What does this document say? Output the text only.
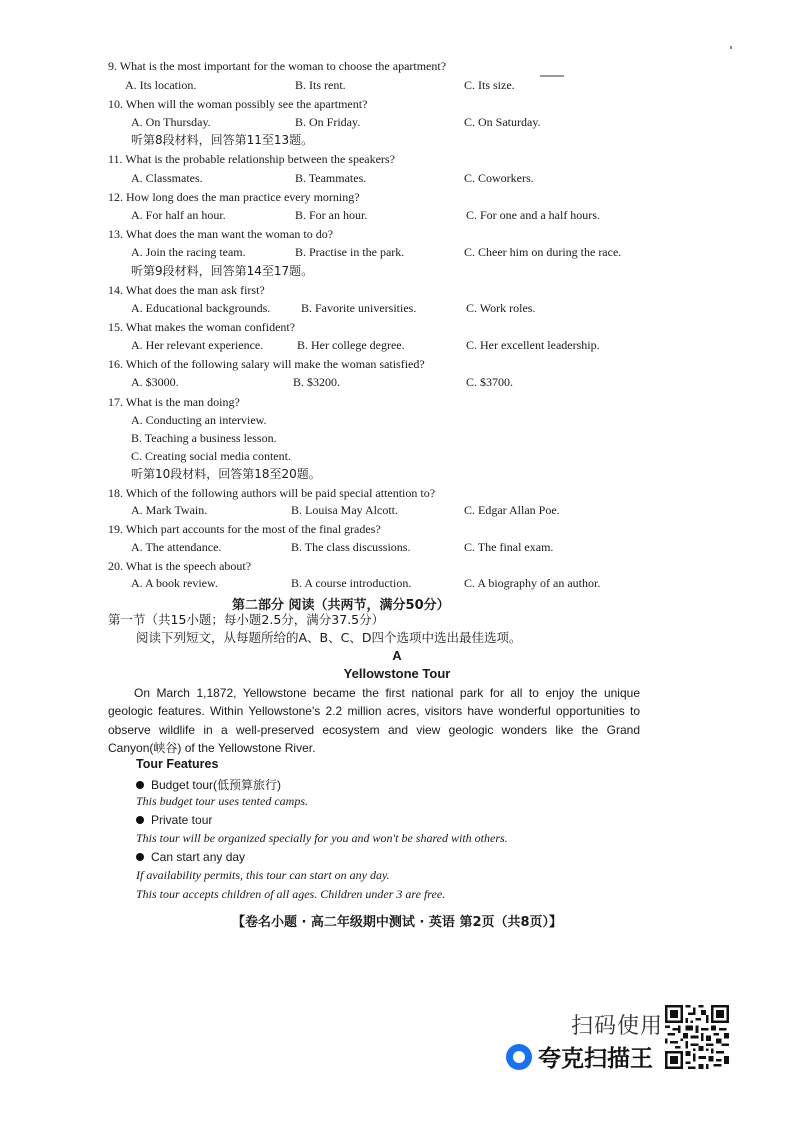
9. What is the most important for the woman to choose the apartment?
A. Its location.	B. Its rent.	C. Its size.
10. When will the woman possibly see the apartment?
A. On Thursday.	B. On Friday.	C. On Saturday.
听第8段材料，回答第11至13题。
11. What is the probable relationship between the speakers?
A. Classmates.	B. Teammates.	C. Coworkers.
12. How long does the man practice every morning?
A. For half an hour.	B. For an hour.	C. For one and a half hours.
13. What does the man want the woman to do?
A. Join the racing team.	B. Practise in the park.	C. Cheer him on during the race.
听第9段材料，回答第14至17题。
14. What does the man ask first?
A. Educational backgrounds.	B. Favorite universities.	C. Work roles.
15. What makes the woman confident?
A. Her relevant experience.	B. Her college degree.	C. Her excellent leadership.
16. Which of the following salary will make the woman satisfied?
A. $3000.	B. $3200.	C. $3700.
17. What is the man doing?
A. Conducting an interview.
B. Teaching a business lesson.
C. Creating social media content.
听第10段材料，回答第18至20题。
18. Which of the following authors will be paid special attention to?
A. Mark Twain.	B. Louisa May Alcott.	C. Edgar Allan Poe.
19. Which part accounts for the most of the final grades?
A. The attendance.	B. The class discussions.	C. The final exam.
20. What is the speech about?
A. A book review.	B. A course introduction.	C. A biography of an author.
第二部分 阅读（共两节，满分50分）
第一节（共15小题；每小题2.5分，满分37.5分）
阅读下列短文，从每题所给的A、B、C、D四个选项中选出最佳选项。
A
Yellowstone Tour
On March 1,1872, Yellowstone became the first national park for all to enjoy the unique geologic features. Within Yellowstone's 2.2 million acres, visitors have wonderful opportunities to observe wildlife in a well-preserved ecosystem and view geologic wonders like the Grand Canyon(峡谷) of the Yellowstone River.
Tour Features
Budget tour(低预算旅行)
This budget tour uses tented camps.
Private tour
This tour will be organized specially for you and won't be shared with others.
Can start any day
If availability permits, this tour can start on any day.
This tour accepts children of all ages. Children under 3 are free.
【卷名小题 · 高二年级期中测试 · 英语 第2页（共8页）】
扫码使用
夸克扫描王
